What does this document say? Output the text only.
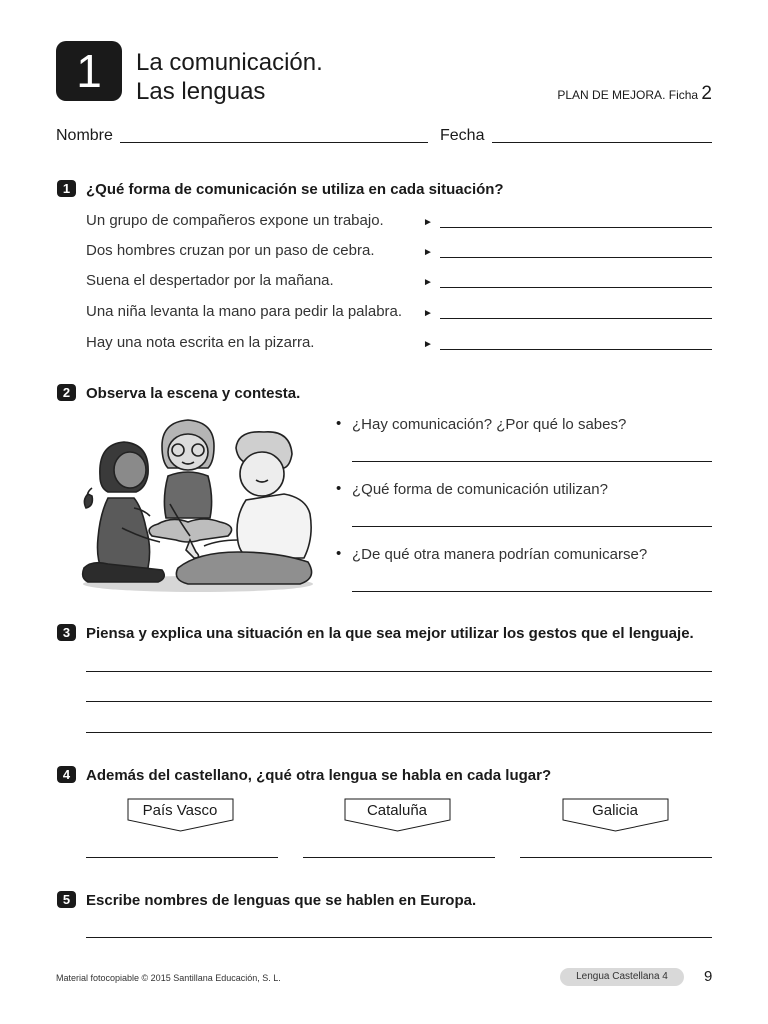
1	La comunicación.
Las lenguas	PLAN DE MEJORA. Ficha 2
Nombre	Fecha
1	¿Qué forma de comunicación se utiliza en cada situación?
Un grupo de compañeros expone un trabajo.	►
Dos hombres cruzan por un paso de cebra.	►
Suena el despertador por la mañana.	►
Una niña levanta la mano para pedir la palabra. ►
Hay una nota escrita en la pizarra.	►
2	Observa la escena y contesta.
• ¿Hay comunicación? ¿Por qué lo sabes?
• ¿Qué forma de comunicación utilizan?
• ¿De qué otra manera podrían comunicarse?
3	Piensa y explica una situación en la que sea mejor utilizar los gestos que el lenguaje.
4	Además del castellano, ¿qué otra lengua se habla en cada lugar?
País Vasco	Cataluña	Galicia
5	Escribe nombres de lenguas que se hablen en Europa.
Material fotocopiable © 2015 Santillana Educación, S. L.	Lengua Castellana 4	9
